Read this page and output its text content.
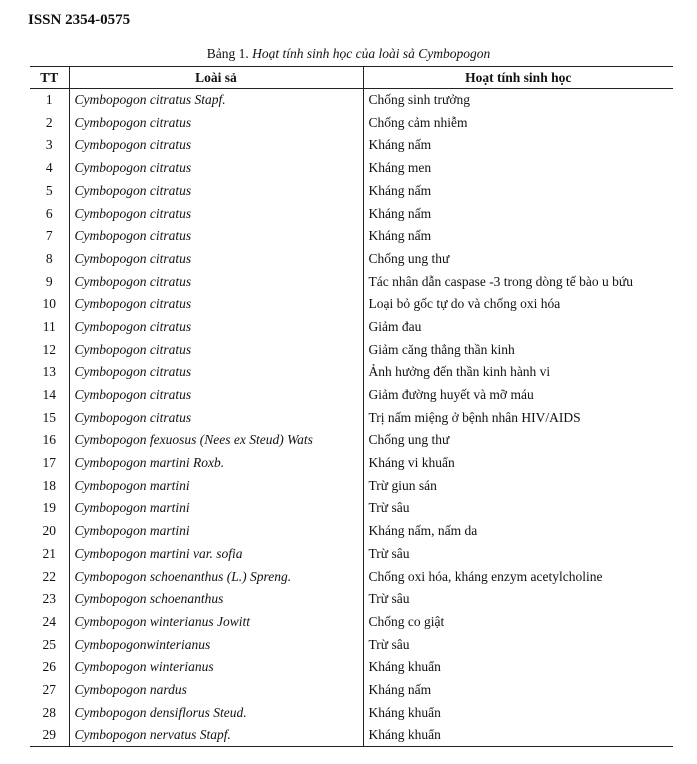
ISSN 2354-0575
Bảng 1. Hoạt tính sinh học của loài sả Cymbopogon
TT	Loài sả	Hoạt tính sinh học
1	Cymbopogon citratus Stapf.	Chống sinh trưởng
2	Cymbopogon citratus	Chống cảm nhiễm
3	Cymbopogon citratus	Kháng nấm
4	Cymbopogon citratus	Kháng men
5	Cymbopogon citratus	Kháng nấm
6	Cymbopogon citratus	Kháng nấm
7	Cymbopogon citratus	Kháng nấm
8	Cymbopogon citratus	Chống ung thư
9	Cymbopogon citratus	Tác nhân dẫn caspase -3 trong dòng tế bào u bứu
10	Cymbopogon citratus	Loại bỏ gốc tự do và chống oxi hóa
11	Cymbopogon citratus	Giảm đau
12	Cymbopogon citratus	Giảm căng thẳng thần kinh
13	Cymbopogon citratus	Ảnh hưởng đến thần kinh hành vi
14	Cymbopogon citratus	Giảm đường huyết và mỡ máu
15	Cymbopogon citratus	Trị nấm miệng ở bệnh nhân HIV/AIDS
16	Cymbopogon fexuosus (Nees ex Steud) Wats	Chống ung thư
17	Cymbopogon martini Roxb.	Kháng vi khuẩn
18	Cymbopogon martini	Trừ giun sán
19	Cymbopogon martini	Trừ sâu
20	Cymbopogon martini	Kháng nấm, nấm da
21	Cymbopogon martini var. sofia	Trừ sâu
22	Cymbopogon schoenanthus (L.) Spreng.	Chống oxi hóa, kháng enzym acetylcholine
23	Cymbopogon schoenanthus	Trừ sâu
24	Cymbopogon winterianus Jowitt	Chống co giật
25	Cymbopogonwinterianus	Trừ sâu
26	Cymbopogon winterianus	Kháng khuẩn
27	Cymbopogon nardus	Kháng nấm
28	Cymbopogon densiflorus Steud.	Kháng khuẩn
29	Cymbopogon nervatus Stapf.	Kháng khuẩn
